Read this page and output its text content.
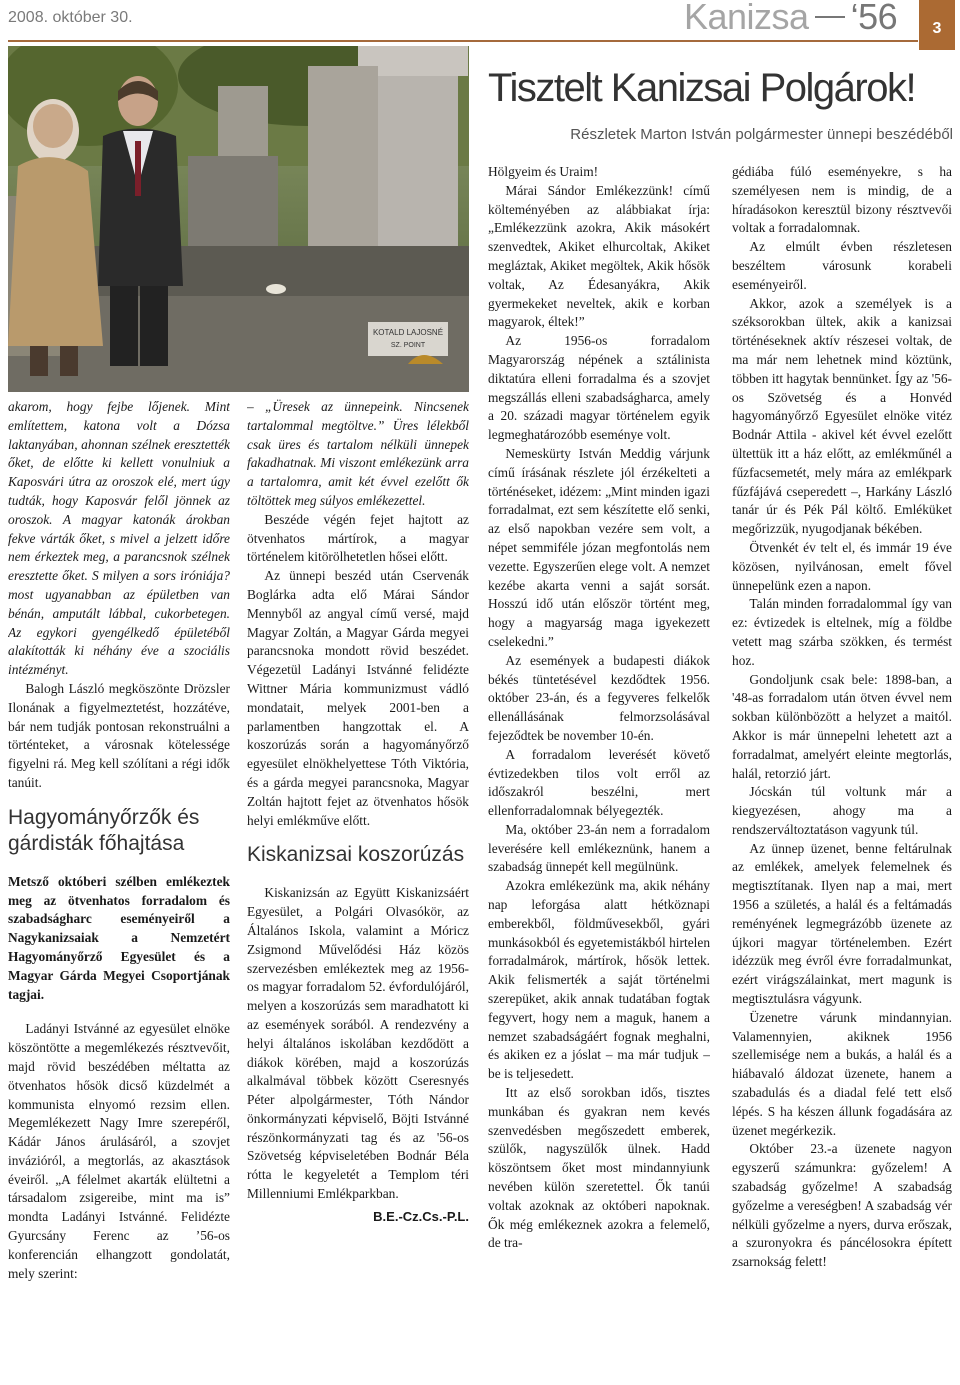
2008. október 30.	Kanizsa ‘56	3
KOTALD LAJOSNÉ
SZ. POINT
Tisztelt Kanizsai Polgárok!
Részletek Marton István polgármester ünnepi beszédéből

akarom, hogy fejbe lőjenek. Mint említettem, katona volt a Dózsa laktanyában, ahonnan szélnek eresztették őket, de előtte ki kellett vonulniuk a Kaposvári útra az oroszok elé, mert úgy tudták, hogy Kaposvár felől jönnek az oroszok. A magyar katonák árokban fekve várták őket, s mivel a jelzett időre nem érkeztek meg, a parancsnok szélnek eresztette őket. S milyen a sors iróniája? most ugyanabban az épületben van bénán, amputált lábbal, cukorbetegen. Az egykori gyengélkedő épületéből alakították ki néhány éve a szociális intézményt.

Balogh László megköszönte Drözsler Ilonának a figyelmeztetést, hozzátéve, bár nem tudják pontosan rekonstruálni a történteket, a városnak kötelessége figyelni rá. Meg kell szólítani a régi idők tanúit.

Hagyományőrzők és gárdisták főhajtása
Metsző októberi szélben emlékeztek meg az ötvenhatos forradalom és szabadságharc eseményeiről a Nagykanizsaiak a Nemzetért Hagyományőrző Egyesület és a Magyar Gárda Megyei Csoportjának tagjai.

Ladányi Istvánné az egyesület elnöke köszöntötte a megemlékezés résztvevőit, majd rövid beszédében méltatta az ötvenhatos hősök dicső küzdelmét a kommunista elnyomó rezsim ellen. Megemlékezett Nagy Imre szerepéről, Kádár János árulásáról, a szovjet invázióról, a megtorlás, az akasztások éveiről. „A félelmet akarták elültetni a társadalom zsigereibe, mint ma is” mondta Ladányi Istvánné. Felidézte Gyurcsány Ferenc az ’56-os konferencián elhangzott gondolatát, mely szerint:

– „Üresek az ünnepeink. Nincsenek tartalommal megtöltve.” Üres lélekből csak üres és tartalom nélküli ünnepek fakadhatnak. Mi viszont emlékezünk arra a tartalomra, amit két évvel ezelőtt ők töltöttek meg súlyos emlékezettel.

Beszéde végén fejet hajtott az ötvenhatos mártírok, a magyar történelem kitörölhetetlen hősei előtt.

Az ünnepi beszéd után Cservenák Boglárka adta elő Márai Sándor Mennyből az angyal című versé, majd Magyar Zoltán, a Magyar Gárda megyei parancsnoka mondott rövid beszédet. Végezetül Ladányi Istvánné felidézte Wittner Mária kommunizmust vádló mondatait, melyek 2001-ben a parlamentben hangzottak el. A koszorúzás során a hagyományőrző egyesület elnökhelyettese Tóth Viktória, és a gárda megyei parancsnoka, Magyar Zoltán hajtott fejet az ötvenhatos hősök helyi emlékműve előtt.

Kiskanizsai koszorúzás

Kiskanizsán az Együtt Kiskanizsáért Egyesület, a Polgári Olvasókör, az Általános Iskola, valamint a Móricz Zsigmond Művelődési Ház közös szervezésben emlékeztek meg az 1956-os magyar forradalom 52. évfordulójáról, melyen a koszorúzás sem maradhatott ki az események sorából. A rendezvény a helyi általános iskolában kezdődött a diákok körében, majd a koszorúzás alkalmával többek között Cseresnyés Péter alpolgármester, Tóth Nándor önkormányzati képviselő, Böjti Istvánné részönkormányzati tag és az '56-os Szövetség képviseletében Bodnár Béla rótta le kegyeletét a Templom téri Millenniumi Emlékparkban.

B.E.-Cz.Cs.-P.L.

Hölgyeim és Uraim!

Márai Sándor Emlékezzünk! című költeményében az alábbiakat írja: „Emlékezzünk azokra, Akik másokért szenvedtek, Akiket elhurcoltak, Akiket megláztak, Akiket megöltek, Akik hősök voltak, Az Édesanyákra, Akik gyermekeket neveltek, akik e korban magyarok, éltek!”

Az 1956-os forradalom Magyarország népének a sztálinista diktatúra elleni forradalma és a szovjet megszállás elleni szabadságharca, amely a 20. századi magyar történelem egyik legmeghatározóbb eseménye volt.

Nemeskürty István Meddig várjunk című írásának részlete jól érzékelteti a történéseket, idézem: „Mint minden igazi forradalmat, ezt sem készítette elő senki, az első napokban vezére sem volt, a népet semmiféle józan megfontolás nem vezette. Egyszerűen elege volt. A nemzet kezébe akarta venni a saját sorsát. Hosszú idő után először történt meg, hogy a magyarság maga igyekezett cselekedni.”

Az események a budapesti diákok békés tüntetésével kezdődtek 1956. október 23-án, és a fegyveres felkelők ellenállásának felmorzsolásával fejeződtek be november 10-én.

A forradalom leverését követő évtizedekben tilos volt erről az időszakról beszélni, mert ellenforradalomnak bélyegezték.

Ma, október 23-án nem a forradalom leverésére kell emlékeznünk, hanem a szabadság ünnepét kell megülnünk.

Azokra emlékezünk ma, akik néhány nap leforgása alatt hétköznapi emberekből, földművesekből, gyári munkásokból és egyetemistákból hirtelen forradalmárok, mártírok, hősök lettek. Akik felismerték a saját történelmi szerepüket, akik annak tudatában fogtak fegyvert, hogy nem a maguk, hanem a nemzet szabadságáért fognak meghalni, és akiken ez a jóslat – ma már tudjuk – be is teljesedett.

Itt az első sorokban idős, tisztes munkában és gyakran nem kevés szenvedésben megőszedett emberek, szülők, nagyszülők ülnek. Hadd köszöntsem őket most mindannyiunk nevében külön szeretettel. Ők tanúi voltak azoknak az októberi napoknak. Ők még emlékeznek azokra a felemelő, de tra-

gédiába fúló eseményekre, s ha személyesen nem is mindig, de a híradásokon keresztül bizony résztvevői voltak a forradalomnak.

Az elmúlt évben részletesen beszéltem városunk korabeli eseményeiről.

Akkor, azok a személyek is a széksorokban ültek, akik a kanizsai történéseknek aktív részesei voltak, de ma már nem lehetnek mind köztünk, többen itt hagytak bennünket. Így az '56-os Szövetség és a Honvéd hagyományőrző Egyesület elnöke vitéz Bodnár Attila - akivel két évvel ezelőtt ültettük itt a ház előtt, az emlékműnél a fűzfacsemetét, mely mára az emlékpark fűzfájává cseperedett –, Harkány László tanár úr és Pék Pál költő. Emléküket megőrizzük, nyugodjanak békében.

Ötvenkét év telt el, és immár 19 éve közösen, nyilvánosan, emelt fővel ünnepelünk ezen a napon.

Talán minden forradalommal így van ez: évtizedek is eltelnek, míg a földbe vetett mag szárba szökken, és termést hoz.

Gondoljunk csak bele: 1898-ban, a '48-as forradalom után ötven évvel nem sokban különbözött a helyzet a maitól. Akkor is már ünnepelni lehetett azt a forradalmat, amelyért eleinte megtorlás, halál, retorzió járt.

Jócskán túl voltunk már a kiegyezésen, ahogy ma a rendszerváltoztatáson vagyunk túl.

Az ünnep üzenet, benne feltárulnak az emlékek, amelyek felemelnek és megtisztítanak. Ilyen nap a mai, mert 1956 a születés, a halál és a feltámadás reményének legmegrázóbb üzenete az újkori magyar történelemben. Ezért idézzük meg évről évre forradalmunkat, ezért virágszálainkat, mert magunk is megtisztulásra vágyunk.

Üzenetre várunk mindannyian. Valamennyien, akiknek 1956 szellemisége nem a bukás, a halál és a hiábavaló áldozat üzenete, hanem a szabadulás és a diadal felé tett első lépés. S ha készen állunk fogadására az üzenet megérkezik.

Október 23.-a üzenete nagyon egyszerű számunkra: győzelem! A szabadság győzelme! A szabadság győzelme a vereségben! A szabadság vér nélküli győzelme a nyers, durva erőszak, a szuronyokra és páncélosokra épített zsarnokság felett!
